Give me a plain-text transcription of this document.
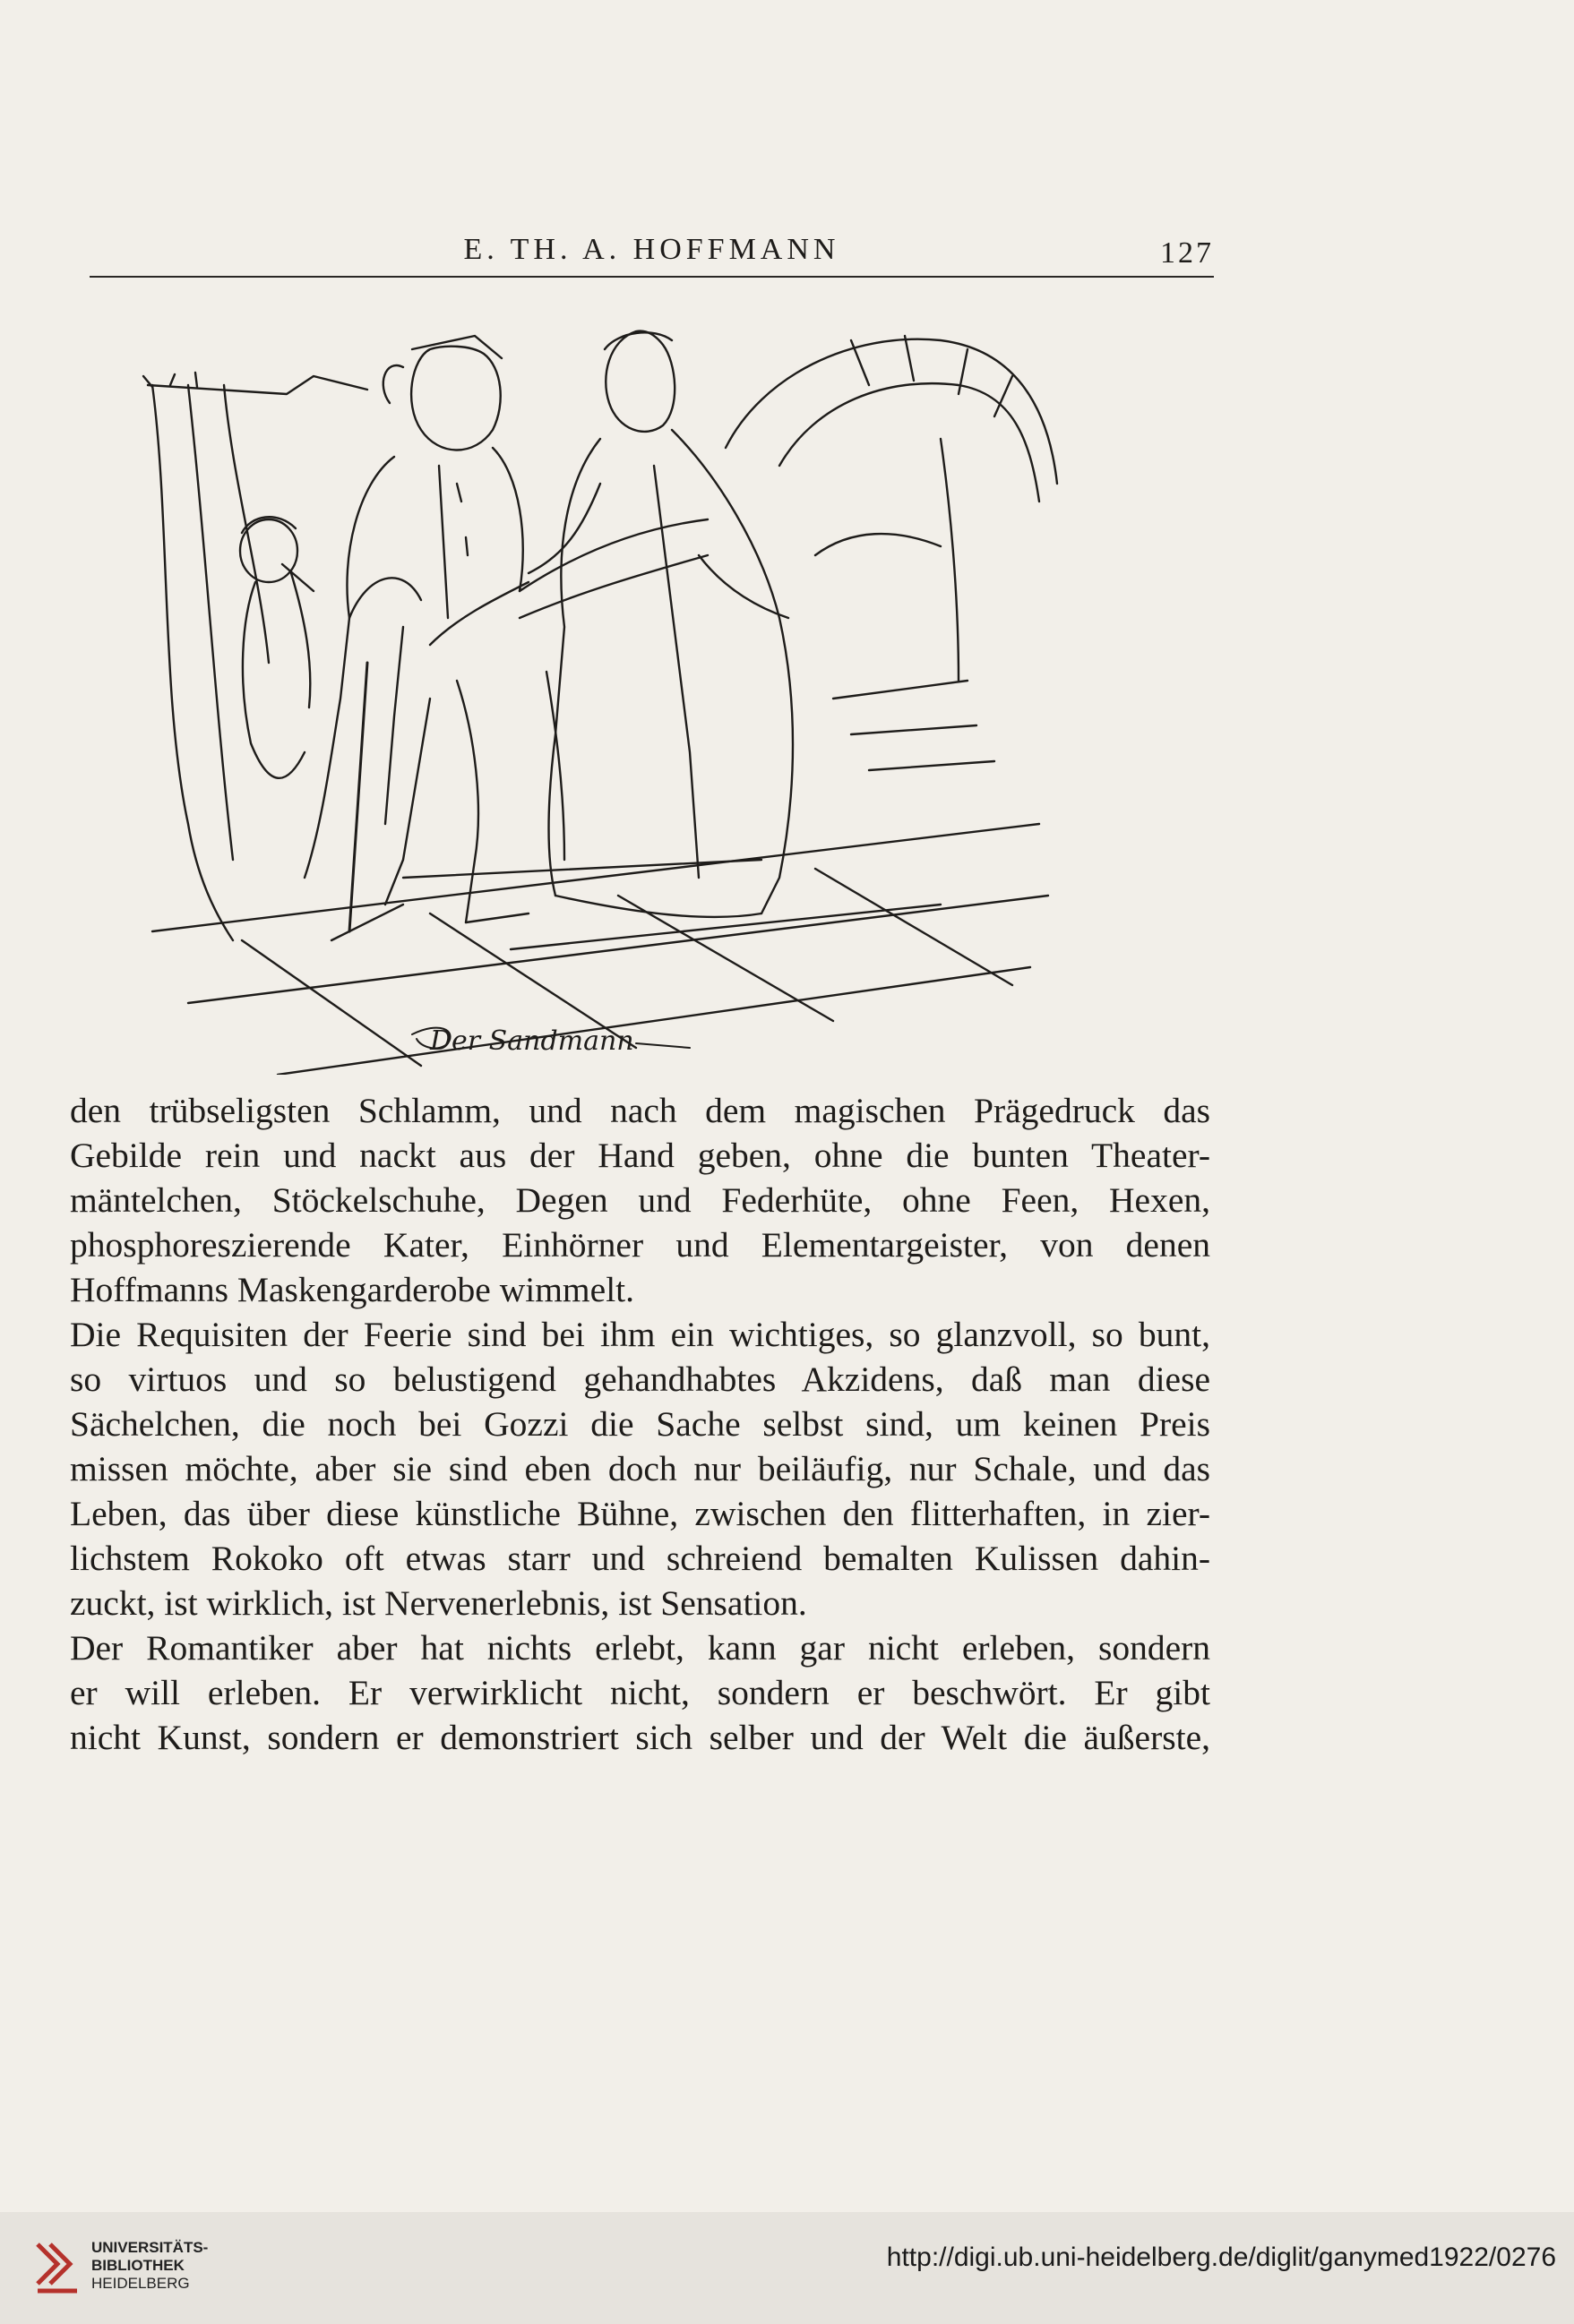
E. TH. A. HOFFMANN	127
Der Sandmann

den trübseligsten Schlamm, und nach dem magischen Prägedruck das
Gebilde rein und nackt aus der Hand geben, ohne die bunten Theater-
mäntelchen, Stöckelschuhe, Degen und Federhüte, ohne Feen, Hexen,
phosphoreszierende Kater, Einhörner und Elementargeister, von denen
Hoffmanns Maskengarderobe wimmelt.

Die Requisiten der Feerie sind bei ihm ein wichtiges, so glanzvoll, so bunt,
so virtuos und so belustigend gehandhabtes Akzidens, daß man diese
Sächelchen, die noch bei Gozzi die Sache selbst sind, um keinen Preis
missen möchte, aber sie sind eben doch nur beiläufig, nur Schale, und das
Leben, das über diese künstliche Bühne, zwischen den flitterhaften, in zier-
lichstem Rokoko oft etwas starr und schreiend bemalten Kulissen dahin-
zuckt, ist wirklich, ist Nervenerlebnis, ist Sensation.

Der Romantiker aber hat nichts erlebt, kann gar nicht erleben, sondern
er will erleben. Er verwirklicht nicht, sondern er beschwört. Er gibt
nicht Kunst, sondern er demonstriert sich selber und der Welt die äußerste,

UNIVERSITÄTS-
BIBLIOTHEK
HEIDELBERG
http://digi.ub.uni-heidelberg.de/diglit/ganymed1922/0276
